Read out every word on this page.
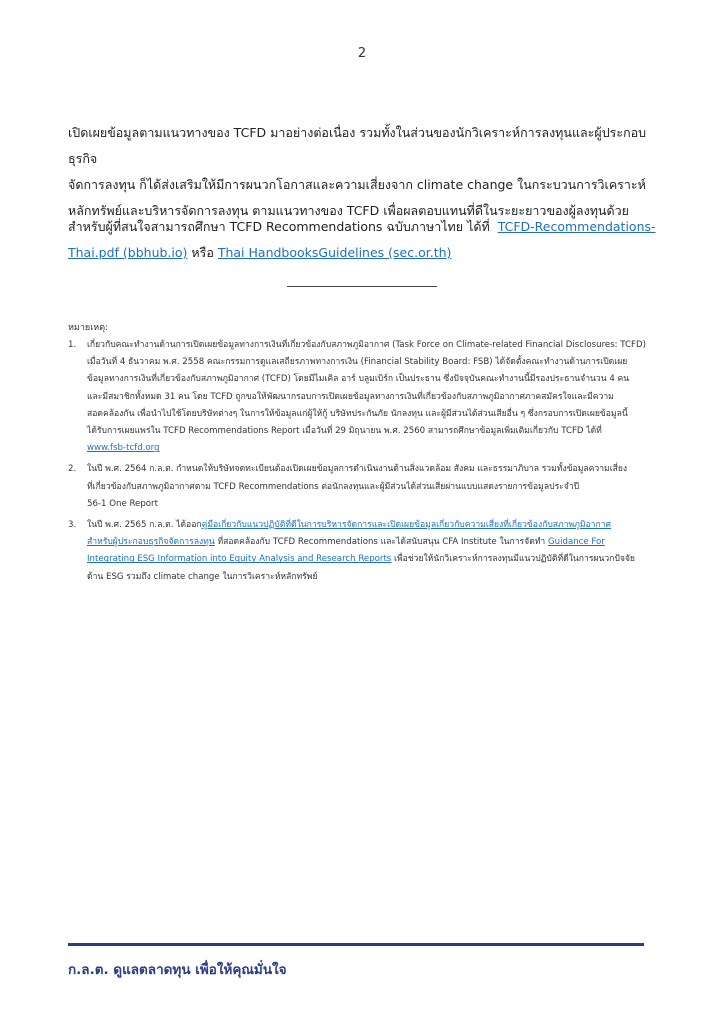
2
เปิดเผยข้อมูลตามแนวทางของ TCFD มาอย่างต่อเนื่อง รวมทั้งในส่วนของนักวิเคราะห์การลงทุนและผู้ประกอบธุรกิจ
จัดการลงทุน ก็ได้ส่งเสริมให้มีการผนวกโอกาสและความเสี่ยงจาก climate change ในกระบวนการวิเคราะห์
หลักทรัพย์และบริหารจัดการลงทุน ตามแนวทางของ TCFD เพื่อผลตอบแทนที่ดีในระยะยาวของผู้ลงทุนด้วย
สำหรับผู้ที่สนใจสามารถศึกษา TCFD Recommendations ฉบับภาษาไทย ได้ที่ TCFD-Recommendations-Thai.pdf (bbhub.io) หรือ Thai HandbooksGuidelines (sec.or.th)
หมายเหตุ:
1. เกี่ยวกับคณะทำงานด้านการเปิดเผยข้อมูลทางการเงินที่เกี่ยวข้องกับสภาพภูมิอากาศ (Task Force on Climate-related Financial Disclosures: TCFD)
เมื่อวันที่ 4 ธันวาคม พ.ศ. 2558 คณะกรรมการดูแลเสถียรภาพทางการเงิน (Financial Stability Board: FSB) ได้จัดตั้งคณะทำงานด้านการเปิดเผย
ข้อมูลทางการเงินที่เกี่ยวข้องกับสภาพภูมิอากาศ (TCFD) โดยมีไมเคิล อาร์ บลูมเบิร์ก เป็นประธาน ซึ่งปัจจุบันคณะทำงานนี้มีรองประธานจำนวน 4 คน
และมีสมาชิกทั้งหมด 31 คน โดย TCFD ถูกขอให้พัฒนากรอบการเปิดเผยข้อมูลทางการเงินที่เกี่ยวข้องกับสภาพภูมิอากาศภาคสมัครใจและมีความ
สอดคล้องกัน เพื่อนำไปใช้โดยบริษัทต่างๆ ในการให้ข้อมูลแก่ผู้ให้กู้ บริษัทประกันภัย นักลงทุน และผู้มีส่วนได้ส่วนเสียอื่น ๆ ซึ่งกรอบการเปิดเผยข้อมูลนี้
ได้รับการเผยแพร่ใน TCFD Recommendations Report เมื่อวันที่ 29 มิถุนายน พ.ศ. 2560 สามารถศึกษาข้อมูลเพิ่มเติมเกี่ยวกับ TCFD ได้ที่
www.fsb-tcfd.org
2. ในปี พ.ศ. 2564 ก.ล.ต. กำหนดให้บริษัทจดทะเบียนต้องเปิดเผยข้อมูลการดำเนินงานด้านสิ่งแวดล้อม สังคม และธรรมาภิบาล รวมทั้งข้อมูลความเสี่ยง
ที่เกี่ยวข้องกับสภาพภูมิอากาศตาม TCFD Recommendations ต่อนักลงทุนและผู้มีส่วนได้ส่วนเสียผ่านแบบแสดงรายการข้อมูลประจำปี
56-1 One Report
3. ในปี พ.ศ. 2565 ก.ล.ต. ได้ออกคู่มือเกี่ยวกับแนวปฏิบัติที่ดีในการบริหารจัดการและเปิดเผยข้อมูลเกี่ยวกับความเสี่ยงที่เกี่ยวข้องกับสภาพภูมิอากาศ
สำหรับผู้ประกอบธุรกิจจัดการลงทุน ที่สอดคล้องกับ TCFD Recommendations และได้สนับสนุน CFA Institute ในการจัดทำ Guidance For
Integrating ESG Information into Equity Analysis and Research Reports เพื่อช่วยให้นักวิเคราะห์การลงทุนมีแนวปฏิบัติที่ดีในการผนวกปัจจัย
ด้าน ESG รวมถึง climate change ในการวิเคราะห์หลักทรัพย์
ก.ล.ต. ดูแลตลาดทุน เพื่อให้คุณมั่นใจ
